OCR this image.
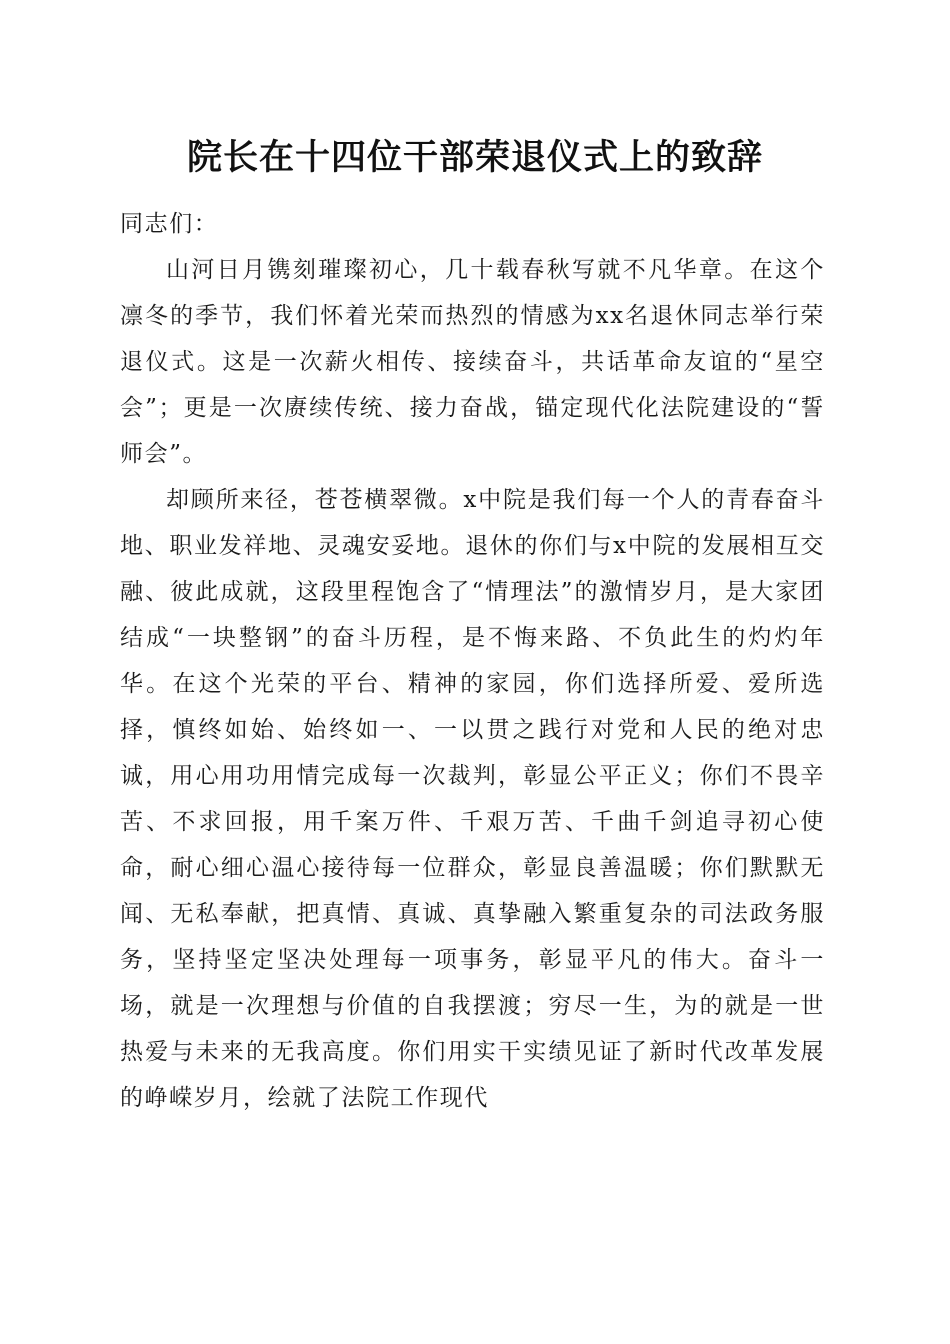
院长在十四位干部荣退仪式上的致辞

同志们：

山河日月镌刻璀璨初心，几十载春秋写就不凡华章。在这个凛冬的季节，我们怀着光荣而热烈的情感为xx名退休同志举行荣退仪式。这是一次薪火相传、接续奋斗，共话革命友谊的“星空会”；更是一次赓续传统、接力奋战，锚定现代化法院建设的“誓师会”。

却顾所来径，苍苍横翠微。x中院是我们每一个人的青春奋斗地、职业发祥地、灵魂安妥地。退休的你们与x中院的发展相互交融、彼此成就，这段里程饱含了“情理法”的激情岁月，是大家团结成“一块整钢”的奋斗历程，是不悔来路、不负此生的灼灼年华。在这个光荣的平台、精神的家园，你们选择所爱、爱所选择，慎终如始、始终如一、一以贯之践行对党和人民的绝对忠诚，用心用功用情完成每一次裁判，彰显公平正义；你们不畏辛苦、不求回报，用千案万件、千艰万苦、千曲千剑追寻初心使命，耐心细心温心接待每一位群众，彰显良善温暖；你们默默无闻、无私奉献，把真情、真诚、真挚融入繁重复杂的司法政务服务，坚持坚定坚决处理每一项事务，彰显平凡的伟大。奋斗一场，就是一次理想与价值的自我摆渡；穷尽一生，为的就是一世热爱与未来的无我高度。你们用实干实绩见证了新时代改革发展的峥嵘岁月，绘就了法院工作现代
